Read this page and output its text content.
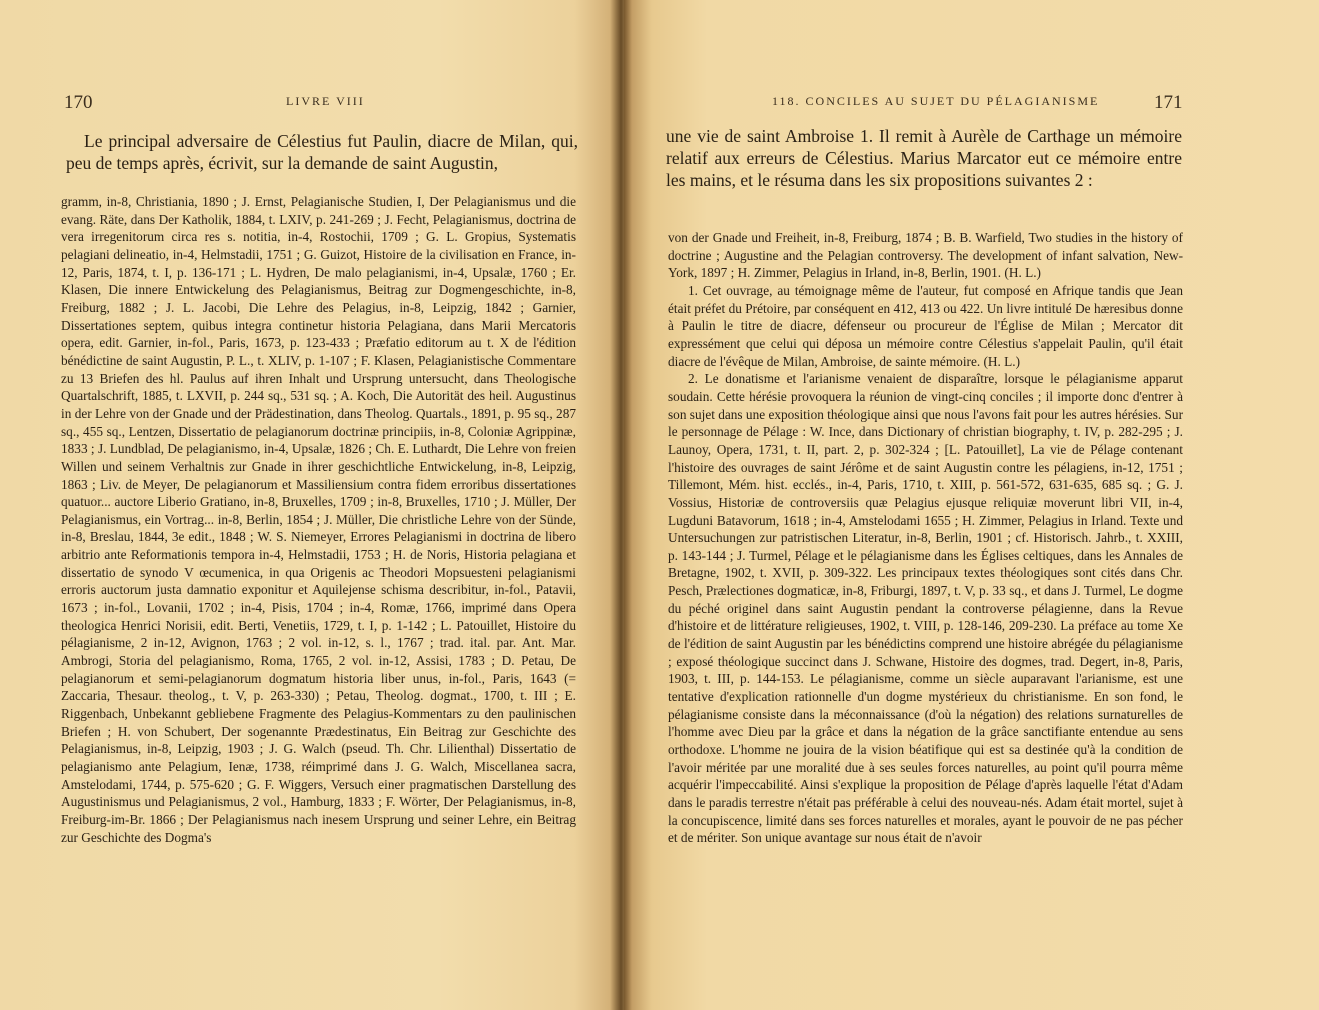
170	LIVRE VIII

Le principal adversaire de Célestius fut Paulin, diacre de Milan, qui, peu de temps après, écrivit, sur la demande de saint Augustin,

gramm, in-8, Christiania, 1890 ; J. Ernst, Pelagianische Studien, I, Der Pelagianismus und die evang. Räte, dans Der Katholik, 1884, t. LXIV, p. 241-269 ; J. Fecht, Pelagianismus, doctrina de vera irregenitorum circa res s. notitia, in-4, Rostochii, 1709 ; G. L. Gropius, Systematis pelagiani delineatio, in-4, Helmstadii, 1751 ; G. Guizot, Histoire de la civilisation en France, in-12, Paris, 1874, t. I, p. 136-171 ; L. Hydren, De malo pelagianismi, in-4, Upsalæ, 1760 ; Er. Klasen, Die innere Entwickelung des Pelagianismus, Beitrag zur Dogmengeschichte, in-8, Freiburg, 1882 ; J. L. Jacobi, Die Lehre des Pelagius, in-8, Leipzig, 1842 ; Garnier, Dissertationes septem, quibus integra continetur historia Pelagiana, dans Marii Mercatoris opera, edit. Garnier, in-fol., Paris, 1673, p. 123-433 ; Præfatio editorum au t. X de l'édition bénédictine de saint Augustin, P. L., t. XLIV, p. 1-107 ; F. Klasen, Pelagianistische Commentare zu 13 Briefen des hl. Paulus auf ihren Inhalt und Ursprung untersucht, dans Theologische Quartalschrift, 1885, t. LXVII, p. 244 sq., 531 sq. ; A. Koch, Die Autorität des heil. Augustinus in der Lehre von der Gnade und der Prädestination, dans Theolog. Quartals., 1891, p. 95 sq., 287 sq., 455 sq., Lentzen, Dissertatio de pelagianorum doctrinæ principiis, in-8, Coloniæ Agrippinæ, 1833 ; J. Lundblad, De pelagianismo, in-4, Upsalæ, 1826 ; Ch. E. Luthardt, Die Lehre von freien Willen und seinem Verhaltnis zur Gnade in ihrer geschichtliche Entwickelung, in-8, Leipzig, 1863 ; Liv. de Meyer, De pelagianorum et Massiliensium contra fidem erroribus dissertationes quatuor... auctore Liberio Gratiano, in-8, Bruxelles, 1709 ; in-8, Bruxelles, 1710 ; J. Müller, Der Pelagianismus, ein Vortrag... in-8, Berlin, 1854 ; J. Müller, Die christliche Lehre von der Sünde, in-8, Breslau, 1844, 3e edit., 1848 ; W. S. Niemeyer, Errores Pelagianismi in doctrina de libero arbitrio ante Reformationis tempora in-4, Helmstadii, 1753 ; H. de Noris, Historia pelagiana et dissertatio de synodo V œcumenica, in qua Origenis ac Theodori Mopsuesteni pelagianismi erroris auctorum justa damnatio exponitur et Aquilejense schisma describitur, in-fol., Patavii, 1673 ; in-fol., Lovanii, 1702 ; in-4, Pisis, 1704 ; in-4, Romæ, 1766, imprimé dans Opera theologica Henrici Norisii, edit. Berti, Venetiis, 1729, t. I, p. 1-142 ; L. Patouillet, Histoire du pélagianisme, 2 in-12, Avignon, 1763 ; 2 vol. in-12, s. l., 1767 ; trad. ital. par. Ant. Mar. Ambrogi, Storia del pelagianismo, Roma, 1765, 2 vol. in-12, Assisi, 1783 ; D. Petau, De pelagianorum et semi-pelagianorum dogmatum historia liber unus, in-fol., Paris, 1643 (= Zaccaria, Thesaur. theolog., t. V, p. 263-330) ; Petau, Theolog. dogmat., 1700, t. III ; E. Riggenbach, Unbekannt gebliebene Fragmente des Pelagius-Kommentars zu den paulinischen Briefen ; H. von Schubert, Der sogenannte Prædestinatus, Ein Beitrag zur Geschichte des Pelagianismus, in-8, Leipzig, 1903 ; J. G. Walch (pseud. Th. Chr. Lilienthal) Dissertatio de pelagianismo ante Pelagium, Ienæ, 1738, réimprimé dans J. G. Walch, Miscellanea sacra, Amstelodami, 1744, p. 575-620 ; G. F. Wiggers, Versuch einer pragmatischen Darstellung des Augustinismus und Pelagianismus, 2 vol., Hamburg, 1833 ; F. Wörter, Der Pelagianismus, in-8, Freiburg-im-Br. 1866 ; Der Pelagianismus nach inesem Ursprung und seiner Lehre, ein Beitrag zur Geschichte des Dogma's

118. CONCILES AU SUJET DU PÉLAGIANISME	171

une vie de saint Ambroise 1. Il remit à Aurèle de Carthage un mémoire relatif aux erreurs de Célestius. Marius Marcator eut ce mémoire entre les mains, et le résuma dans les six propositions suivantes 2 :

von der Gnade und Freiheit, in-8, Freiburg, 1874 ; B. B. Warfield, Two studies in the history of doctrine ; Augustine and the Pelagian controversy. The development of infant salvation, New-York, 1897 ; H. Zimmer, Pelagius in Irland, in-8, Berlin, 1901. (H. L.)

1. Cet ouvrage, au témoignage même de l'auteur, fut composé en Afrique tandis que Jean était préfet du Prétoire, par conséquent en 412, 413 ou 422. Un livre intitulé De hæresibus donne à Paulin le titre de diacre, défenseur ou procureur de l'Église de Milan ; Mercator dit expressément que celui qui déposa un mémoire contre Célestius s'appelait Paulin, qu'il était diacre de l'évêque de Milan, Ambroise, de sainte mémoire. (H. L.)

2. Le donatisme et l'arianisme venaient de disparaître, lorsque le pélagianisme apparut soudain. Cette hérésie provoquera la réunion de vingt-cinq conciles ; il importe donc d'entrer à son sujet dans une exposition théologique ainsi que nous l'avons fait pour les autres hérésies. Sur le personnage de Pélage : W. Ince, dans Dictionary of christian biography, t. IV, p. 282-295 ; J. Launoy, Opera, 1731, t. II, part. 2, p. 302-324 ; [L. Patouillet], La vie de Pélage contenant l'histoire des ouvrages de saint Jérôme et de saint Augustin contre les pélagiens, in-12, 1751 ; Tillemont, Mém. hist. ecclés., in-4, Paris, 1710, t. XIII, p. 561-572, 631-635, 685 sq. ; G. J. Vossius, Historiæ de controversiis quæ Pelagius ejusque reliquiæ moverunt libri VII, in-4, Lugduni Batavorum, 1618 ; in-4, Amstelodami 1655 ; H. Zimmer, Pelagius in Irland. Texte und Untersuchungen zur patristischen Literatur, in-8, Berlin, 1901 ; cf. Historisch. Jahrb., t. XXIII, p. 143-144 ; J. Turmel, Pélage et le pélagianisme dans les Églises celtiques, dans les Annales de Bretagne, 1902, t. XVII, p. 309-322. Les principaux textes théologiques sont cités dans Chr. Pesch, Prælectiones dogmaticæ, in-8, Friburgi, 1897, t. V, p. 33 sq., et dans J. Turmel, Le dogme du péché originel dans saint Augustin pendant la controverse pélagienne, dans la Revue d'histoire et de littérature religieuses, 1902, t. VIII, p. 128-146, 209-230. La préface au tome Xe de l'édition de saint Augustin par les bénédictins comprend une histoire abrégée du pélagianisme ; exposé théologique succinct dans J. Schwane, Histoire des dogmes, trad. Degert, in-8, Paris, 1903, t. III, p. 144-153. Le pélagianisme, comme un siècle auparavant l'arianisme, est une tentative d'explication rationnelle d'un dogme mystérieux du christianisme. En son fond, le pélagianisme consiste dans la méconnaissance (d'où la négation) des relations surnaturelles de l'homme avec Dieu par la grâce et dans la négation de la grâce sanctifiante entendue au sens orthodoxe. L'homme ne jouira de la vision béatifique qui est sa destinée qu'à la condition de l'avoir méritée par une moralité due à ses seules forces naturelles, au point qu'il pourra même acquérir l'impeccabilité. Ainsi s'explique la proposition de Pélage d'après laquelle l'état d'Adam dans le paradis terrestre n'était pas préférable à celui des nouveau-nés. Adam était mortel, sujet à la concupiscence, limité dans ses forces naturelles et morales, ayant le pouvoir de ne pas pécher et de mériter. Son unique avantage sur nous était de n'avoir
